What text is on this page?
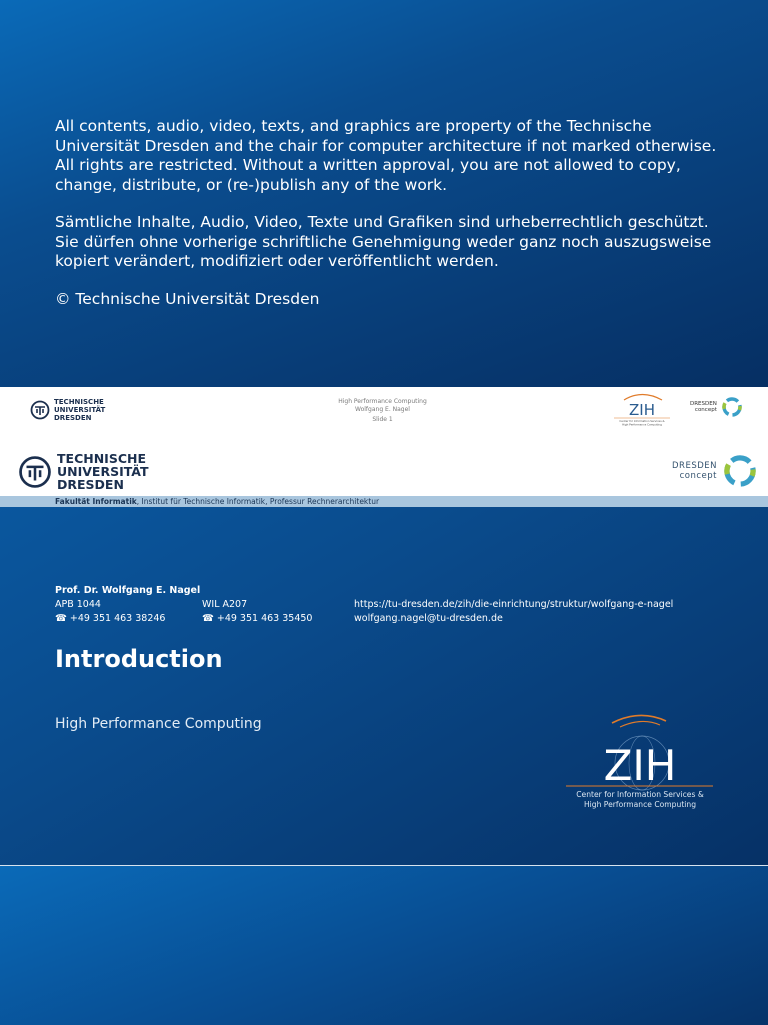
All contents, audio, video, texts, and graphics are property of the Technische Universität Dresden and the chair for computer architecture if not marked otherwise. All rights are restricted. Without a written approval, you are not allowed to copy, change, distribute, or (re-)publish any of the work.

Sämtliche Inhalte, Audio, Video, Texte und Grafiken sind urheberrechtlich geschützt. Sie dürfen ohne vorherige schriftliche Genehmigung weder ganz noch auszugsweise kopiert verändert, modifiziert oder veröffentlicht werden.

© Technische Universität Dresden

TECHNISCHE
UNIVERSITÄT
DRESDEN
High Performance Computing
Wolfgang E. Nagel
Slide 1
ZIH
Center for Information Services &
High Performance Computing
DRESDEN
concept
TECHNISCHE
UNIVERSITÄT
DRESDEN
DRESDEN
concept
Fakultät Informatik, Institut für Technische Informatik, Professur Rechnerarchitektur
Prof. Dr. Wolfgang E. Nagel
APB 1044
☎ +49 351 463 38246
WIL A207
☎ +49 351 463 35450
https://tu-dresden.de/zih/die-einrichtung/struktur/wolfgang-e-nagel
wolfgang.nagel@tu-dresden.de
Introduction
High Performance Computing
ZIH
Center for Information Services &
High Performance Computing
